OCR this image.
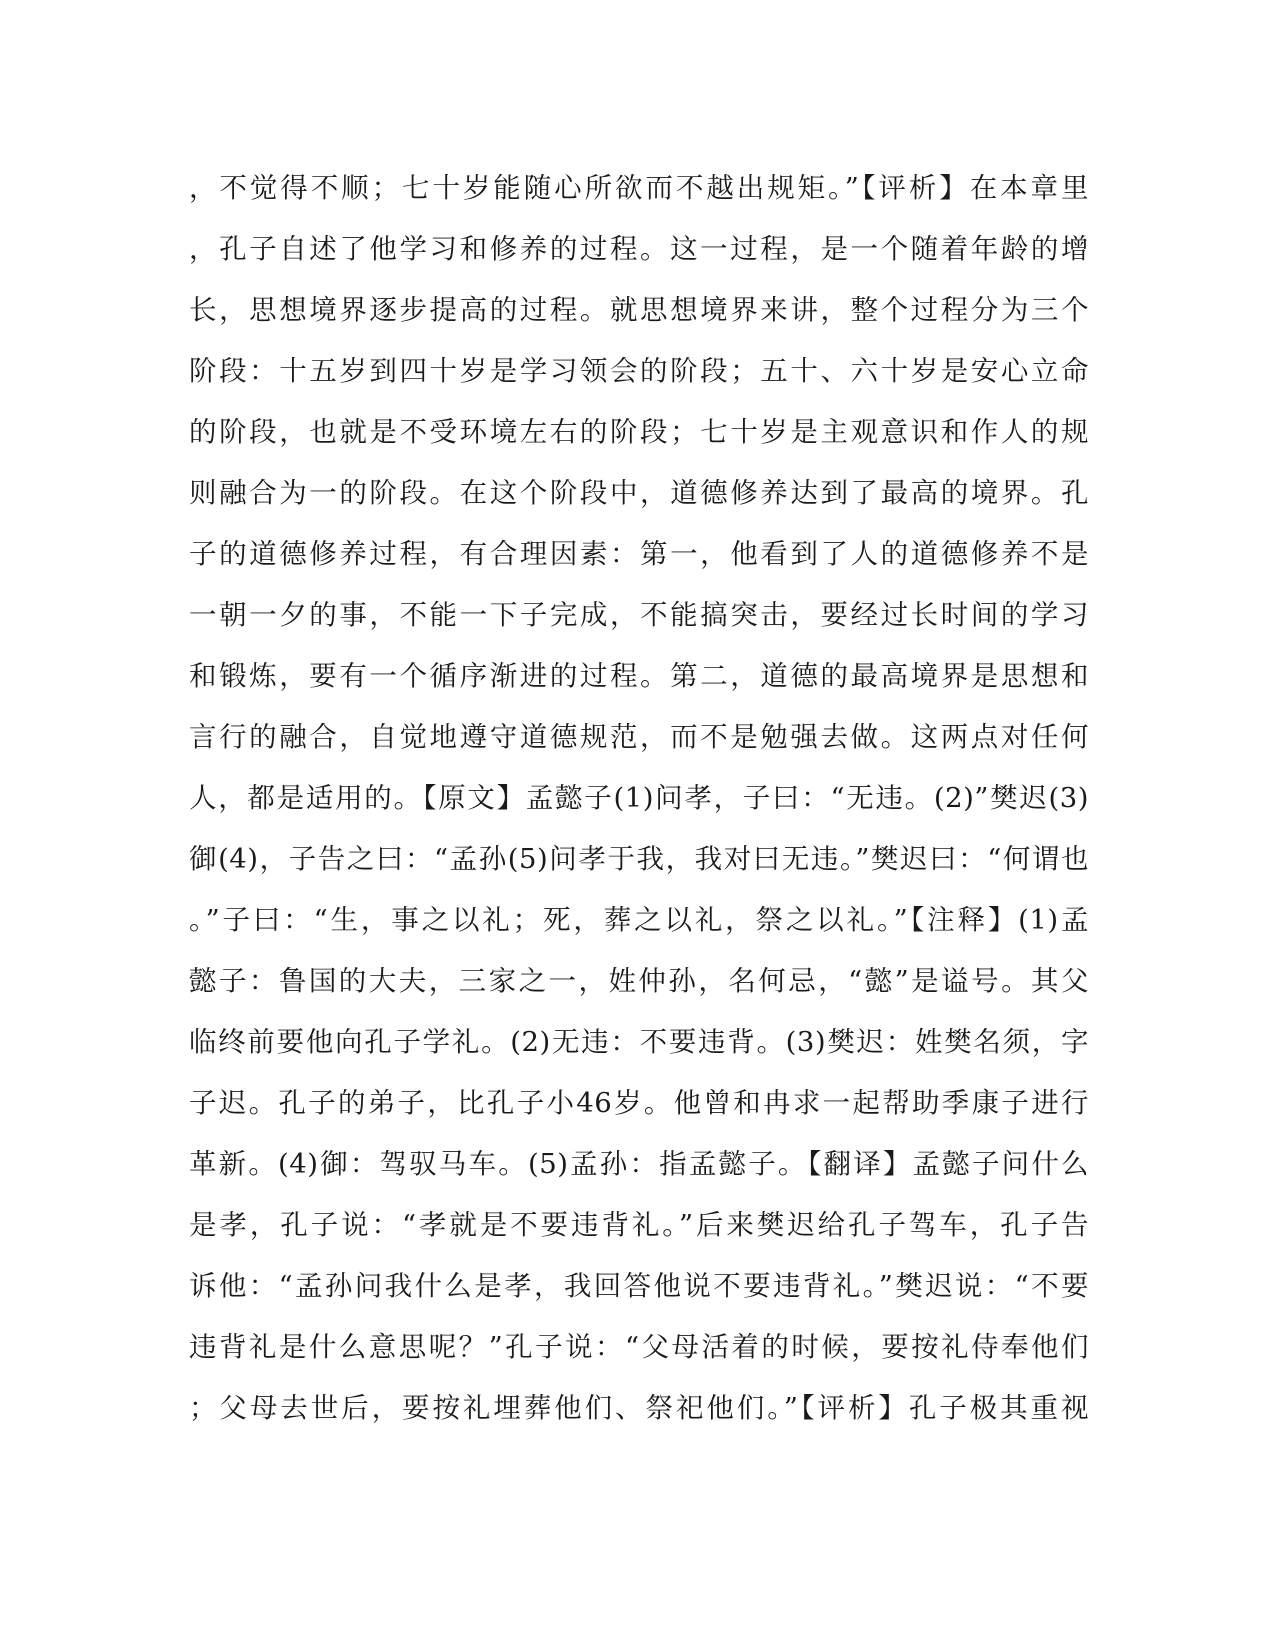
，不觉得不顺；七十岁能随心所欲而不越出规矩。”【评析】在本章里
，孔子自述了他学习和修养的过程。这一过程，是一个随着年龄的增
长，思想境界逐步提高的过程。就思想境界来讲，整个过程分为三个
阶段：十五岁到四十岁是学习领会的阶段；五十、六十岁是安心立命
的阶段，也就是不受环境左右的阶段；七十岁是主观意识和作人的规
则融合为一的阶段。在这个阶段中，道德修养达到了最高的境界。孔
子的道德修养过程，有合理因素：第一，他看到了人的道德修养不是
一朝一夕的事，不能一下子完成，不能搞突击，要经过长时间的学习
和锻炼，要有一个循序渐进的过程。第二，道德的最高境界是思想和
言行的融合，自觉地遵守道德规范，而不是勉强去做。这两点对任何
人，都是适用的。【原文】孟懿子(1)问孝，子曰：“无违。(2)”樊迟(3)
御(4)，子告之曰：“孟孙(5)问孝于我，我对曰无违。”樊迟曰：“何谓也
。”子曰：“生，事之以礼；死，葬之以礼，祭之以礼。”【注释】(1)孟
懿子：鲁国的大夫，三家之一，姓仲孙，名何忌，“懿”是谥号。其父
临终前要他向孔子学礼。(2)无违：不要违背。(3)樊迟：姓樊名须，字
子迟。孔子的弟子，比孔子小46岁。他曾和冉求一起帮助季康子进行
革新。(4)御：驾驭马车。(5)孟孙：指孟懿子。【翻译】孟懿子问什么
是孝，孔子说：“孝就是不要违背礼。”后来樊迟给孔子驾车，孔子告
诉他：“孟孙问我什么是孝，我回答他说不要违背礼。”樊迟说：“不要
违背礼是什么意思呢？”孔子说：“父母活着的时候，要按礼侍奉他们
；父母去世后，要按礼埋葬他们、祭祀他们。”【评析】孔子极其重视
